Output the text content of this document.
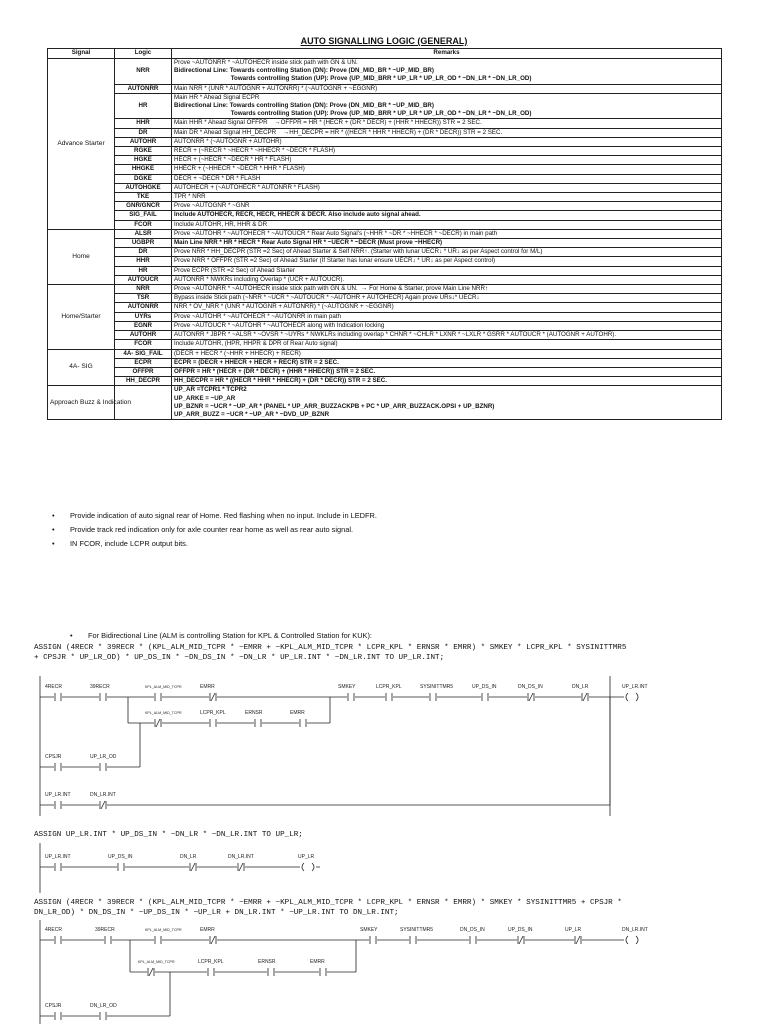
AUTO SIGNALLING LOGIC (GENERAL)
Signal	Logic	Remarks
Advance Starter	NRR	Prove ~AUTONRR * ~AUTOHECR inside stick path with GN & UN.
Bidirectional Line: Towards controlling Station (DN): Prove (DN_MID_BR * ~UP_MID_BR)
Towards controlling Station (UP): Prove (UP_MID_BRR * UP_LR * UP_LR_OD * ~DN_LR * ~DN_LR_OD)

	AUTONRR	Main NRR * (UNR * AUTOGNR + AUTONRR) * (~AUTOGNR + ~EGGNR)

	HR	Main HR * Ahead Signal ECPR
Bidirectional Line: Towards controlling Station (DN): Prove (DN_MID_BR * ~UP_MID_BR)
Towards controlling Station (UP): Prove (UP_MID_BRR * UP_LR * UP_LR_OD * ~DN_LR * ~DN_LR_OD)

	HHR	Main HHR * Ahead Signal OFFPR    →OFFPR = HR * (HECR + (DR * DECR) + (HHR * HHECR)) STR = 2 SEC.

	DR	Main DR * Ahead Signal HH_DECPR    →HH_DECPR = HR * ((HECR * HHR * HHECR) + (DR * DECR)) STR = 2 SEC.

	AUTOHR	AUTONRR * (~AUTOGNR + AUTOHR)

	RGKE	RECR + (~RECR * ~HECR * ~HHECR * ~DECR * FLASH)

	HGKE	HECR + (~HECR * ~DECR * HR * FLASH)

	HHGKE	HHECR + (~HHECR * ~DECR * HHR * FLASH)

	DGKE	DECR + ~DECR * DR * FLASH

	AUTOHGKE	AUTOHECR + (~AUTOHECR * AUTONRR * FLASH)

	TKE	TPR * NRR

	GNR/GNCR	Prove ~AUTOGNR * ~GNR

	SIG_FAIL	Include AUTOHECR, RECR, HECR, HHECR & DECR. Also include auto signal ahead.

	FCOR	Include AUTOHR, HR, HHR & DR

Home	ALSR	Prove ~AUTOHR * ~AUTOHECR * ~AUTOUCR * Rear Auto Signal's (~HHR * ~DR * ~HHECR * ~DECR) in main path

	UGBPR	Main Line NRR * HR * HECR * Rear Auto Signal HR * ~UECR * ~DECR (Must prove ~HHECR)

	DR	Prove NRR * HH_DECPR (STR =2 Sec) of Ahead Starter & Self NRR↑. (Starter with lunar UECR↓ * UR↓ as per Aspect control for M/L)

	HHR	Prove NRR * OFFPR (STR =2 Sec) of Ahead Starter (If Starter has lunar ensure UECR↓ * UR↓ as per Aspect control)

	HR	Prove ECPR (STR =2 Sec) of Ahead Starter

	AUTOUCR	AUTONRR * NWKRs including Overlap * (UCR + AUTOUCR).

Home/Starter	NRR	Prove ~AUTONRR * ~AUTOHECR inside stick path with GN & UN.  → For Home & Starter, prove Main Line NRR↑

	TSR	Bypass inside Stick path (~NRR * ~UCR * ~AUTOUCR * ~AUTOHR + AUTOHECR) Again prove URs↓* UECR↓

	AUTONRR	NRR * OV_NRR * (UNR * AUTOGNR + AUTONRR) * (~AUTOGNR + ~EGGNR)

	UYRs	Prove ~AUTOHR * ~AUTOHECR * ~AUTONRR in main path

	EGNR	Prove ~AUTOUCR * ~AUTOHR * ~AUTOHECR along with Indication locking

	AUTOHR	AUTONRR * JBPR * ~ALSR * ~OVSR * ~UYRs * NWKLRs including overlap * CHNR * ~CHLR * LXNR * ~LXLR * GSRR * AUTOUCR * (AUTOGNR + AUTOHR).

	FCOR	Include AUTOHR, (HPR, HHPR & DPR of Rear Auto signal)

4A- SIG	4A- SIG_FAIL	(DECR + HECR * (~HHR + HHECR) + RECR)

	ECPR	ECPR = (DECR + HHECR + HECR + RECR) STR = 2 SEC.

	OFFPR	OFFPR = HR * (HECR + (DR * DECR) + (HHR * HHECR)) STR = 2 SEC.

	HH_DECPR	HH_DECPR = HR * ((HECR * HHR * HHECR) + (DR * DECR)) STR = 2 SEC.

Approach Buzz & Indication		UP_AR =TCPR1 * TCPR2
UP_ARKE = ~UP_AR
UP_BZNR = ~UCR * ~UP_AR * (PANEL * UP_ARR_BUZZACKPB + PC * UP_ARR_BUZZACK.OPSI + UP_BZNR)
UP_ARR_BUZZ = ~UCR * ~UP_AR * ~DVD_UP_BZNR
• Provide indication of auto signal rear of Home. Red flashing when no input. Include in LEDFR.
• Provide track red indication only for axle counter rear home as well as rear auto signal.
• IN FCOR, include LCPR output bits.
• For Bidirectional Line (ALM is controlling Station for KPL & Controlled Station for KUK):
ASSIGN (4RECR * 39RECR * (KPL_ALM_MID_TCPR * ~EMRR + ~KPL_ALM_MID_TCPR * LCPR_KPL * ERNSR * EMRR) * SMKEY * LCPR_KPL * SYSINITTMR5
+ CPSJR * UP_LR_OD) * UP_DS_IN * ~DN_DS_IN * ~DN_LR * UP_LR.INT * ~DN_LR.INT TO UP_LR.INT;
4RECR	39RECR	KPL_ALM_MID_TCPR	EMRR	SMKEY	LCPR_KPL	SYSINITTMR5	UP_DS_IN	DN_DS_IN	DN_LR	UP_LR.INT
KPL_ALM_MID_TCPR	LCPR_KPL	ERNSR	EMRR
CPSJR	UP_LR_OD
UP_LR.INT	DN_LR.INT
ASSIGN UP_LR.INT * UP_DS_IN * ~DN_LR * ~DN_LR.INT TO UP_LR;
UP_LR.INT	UP_DS_IN	DN_LR	DN_LR.INT	UP_LR
ASSIGN (4RECR * 39RECR * (KPL_ALM_MID_TCPR * ~EMRR + ~KPL_ALM_MID_TCPR * LCPR_KPL * ERNSR * EMRR) * SMKEY * SYSINITTMR5 + CPSJR *
DN_LR_OD) * DN_DS_IN * ~UP_DS_IN * ~UP_LR + DN_LR.INT * ~UP_LR.INT TO DN_LR.INT;
4RECR	39RECR	KPL_ALM_MID_TCPR	EMRR	SMKEY	SYSINITTMR5	DN_DS_IN	UP_DS_IN	UP_LR	DN_LR.INT
KPL_ALM_MID_TCPR	LCPR_KPL	ERNSR	EMRR
CPSJR	DN_LR_OD
